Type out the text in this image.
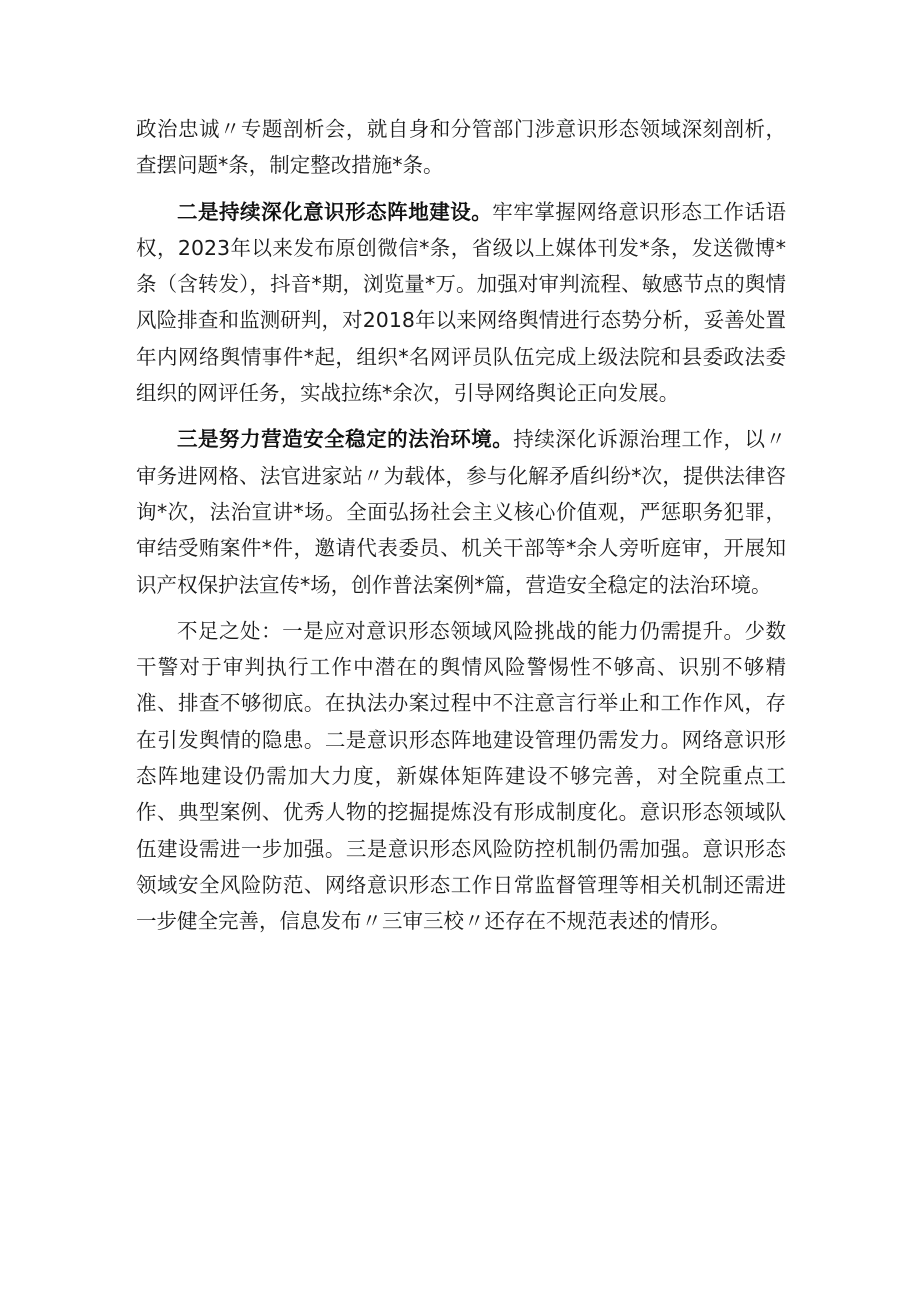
政治忠诚〃专题剖析会，就自身和分管部门涉意识形态领域深刻剖析，查摆问题*条，制定整改措施*条。

二是持续深化意识形态阵地建设。牢牢掌握网络意识形态工作话语权，2023年以来发布原创微信*条，省级以上媒体刊发*条，发送微博*条（含转发），抖音*期，浏览量*万。加强对审判流程、敏感节点的舆情风险排查和监测研判，对2018年以来网络舆情进行态势分析，妥善处置年内网络舆情事件*起，组织*名网评员队伍完成上级法院和县委政法委组织的网评任务，实战拉练*余次，引导网络舆论正向发展。

三是努力营造安全稳定的法治环境。持续深化诉源治理工作，以〃审务进网格、法官进家站〃为载体，参与化解矛盾纠纷*次，提供法律咨询*次，法治宣讲*场。全面弘扬社会主义核心价值观，严惩职务犯罪，审结受贿案件*件，邀请代表委员、机关干部等*余人旁听庭审，开展知识产权保护法宣传*场，创作普法案例*篇，营造安全稳定的法治环境。

不足之处：一是应对意识形态领域风险挑战的能力仍需提升。少数干警对于审判执行工作中潜在的舆情风险警惕性不够高、识别不够精准、排查不够彻底。在执法办案过程中不注意言行举止和工作作风，存在引发舆情的隐患。二是意识形态阵地建设管理仍需发力。网络意识形态阵地建设仍需加大力度，新媒体矩阵建设不够完善，对全院重点工作、典型案例、优秀人物的挖掘提炼没有形成制度化。意识形态领域队伍建设需进一步加强。三是意识形态风险防控机制仍需加强。意识形态领域安全风险防范、网络意识形态工作日常监督管理等相关机制还需进一步健全完善，信息发布〃三审三校〃还存在不规范表述的情形。
